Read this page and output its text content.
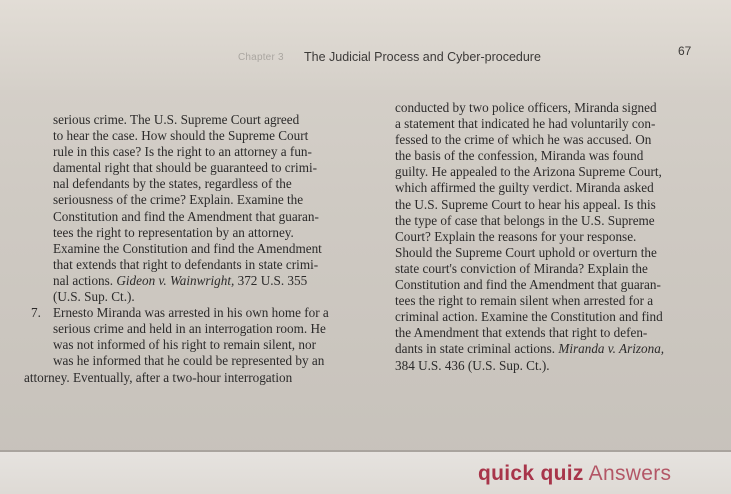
Chapter 3 The Judicial Process and Cyber-procedure	67
serious crime. The U.S. Supreme Court agreed
to hear the case. How should the Supreme Court
rule in this case? Is the right to an attorney a fun-
damental right that should be guaranteed to crimi-
nal defendants by the states, regardless of the
seriousness of the crime? Explain. Examine the
Constitution and find the Amendment that guaran-
tees the right to representation by an attorney.
Examine the Constitution and find the Amendment
that extends that right to defendants in state crimi-
nal actions. Gideon v. Wainwright, 372 U.S. 355
(U.S. Sup. Ct.).
7. Ernesto Miranda was arrested in his own home for a
serious crime and held in an interrogation room. He
was not informed of his right to remain silent, nor
was he informed that he could be represented by an
attorney. Eventually, after a two-hour interrogation
conducted by two police officers, Miranda signed
a statement that indicated he had voluntarily con-
fessed to the crime of which he was accused. On
the basis of the confession, Miranda was found
guilty. He appealed to the Arizona Supreme Court,
which affirmed the guilty verdict. Miranda asked
the U.S. Supreme Court to hear his appeal. Is this
the type of case that belongs in the U.S. Supreme
Court? Explain the reasons for your response.
Should the Supreme Court uphold or overturn the
state court's conviction of Miranda? Explain the
Constitution and find the Amendment that guaran-
tees the right to remain silent when arrested for a
criminal action. Examine the Constitution and find
the Amendment that extends that right to defen-
dants in state criminal actions. Miranda v. Arizona,
384 U.S. 436 (U.S. Sup. Ct.).
quick quiz Answers
